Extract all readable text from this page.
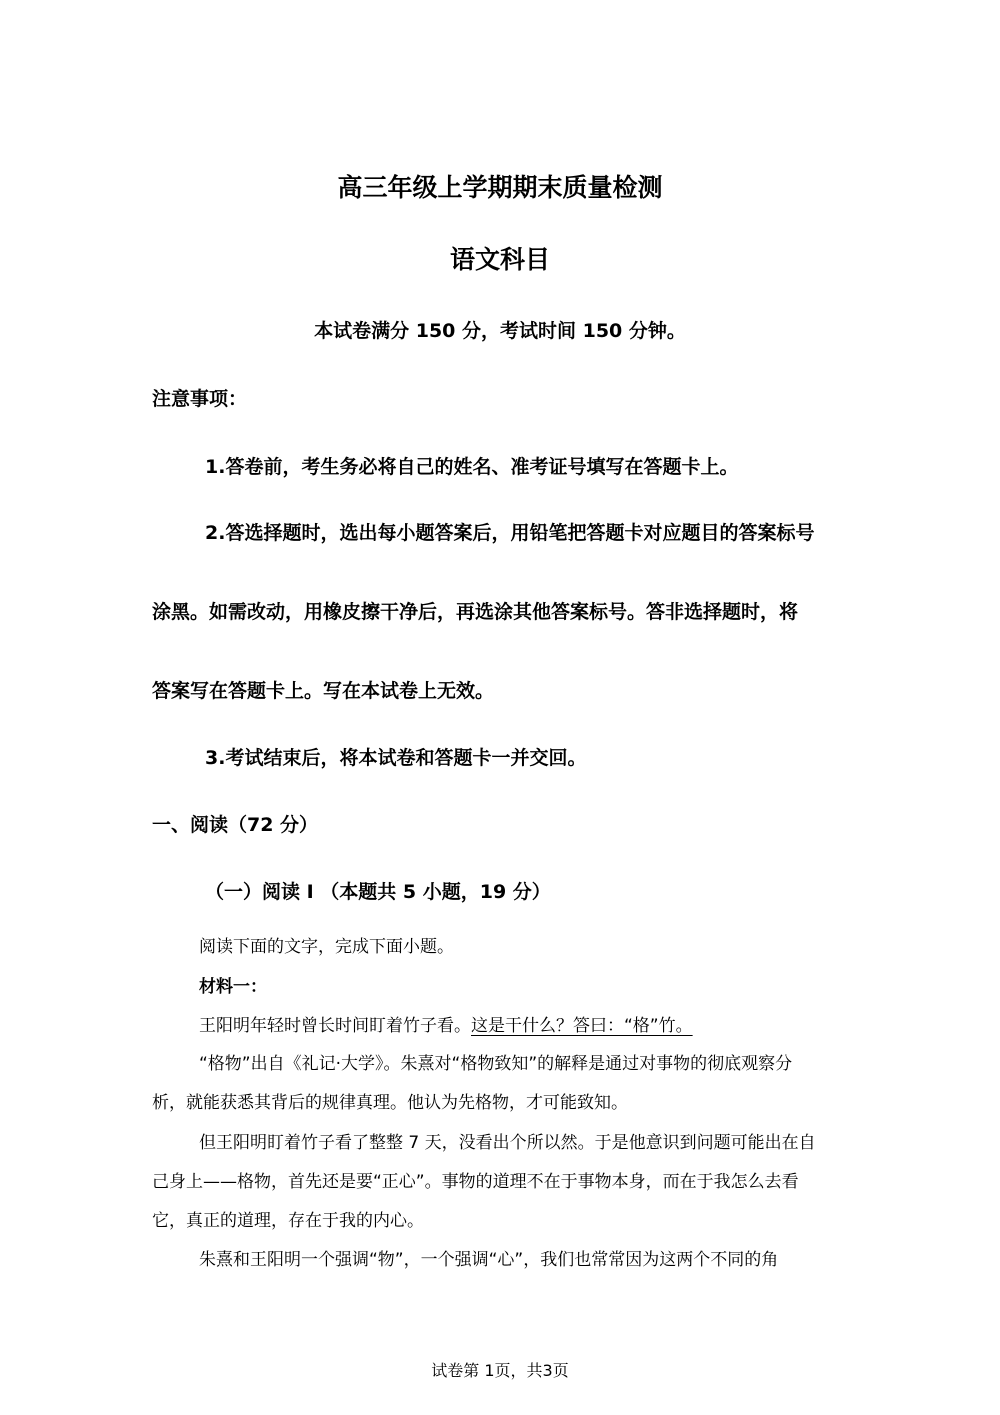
高三年级上学期期末质量检测
语文科目
本试卷满分 150 分，考试时间 150 分钟。
注意事项：
1.答卷前，考生务必将自己的姓名、准考证号填写在答题卡上。
2.答选择题时，选出每小题答案后，用铅笔把答题卡对应题目的答案标号
涂黑。如需改动，用橡皮擦干净后，再选涂其他答案标号。答非选择题时，将
答案写在答题卡上。写在本试卷上无效。
3.考试结束后，将本试卷和答题卡一并交回。
一、阅读（72 分）
（一）阅读 I （本题共 5 小题，19 分）
阅读下面的文字，完成下面小题。
材料一：
王阳明年轻时曾长时间盯着竹子看。这是干什么？答曰：“格”竹。
“格物”出自《礼记·大学》。朱熹对“格物致知”的解释是通过对事物的彻底观察分
析，就能获悉其背后的规律真理。他认为先格物，才可能致知。
但王阳明盯着竹子看了整整 7 天，没看出个所以然。于是他意识到问题可能出在自
己身上——格物，首先还是要“正心”。事物的道理不在于事物本身，而在于我怎么去看
它，真正的道理，存在于我的内心。
朱熹和王阳明一个强调“物”，一个强调“心”，我们也常常因为这两个不同的角
试卷第 1页，共3页
